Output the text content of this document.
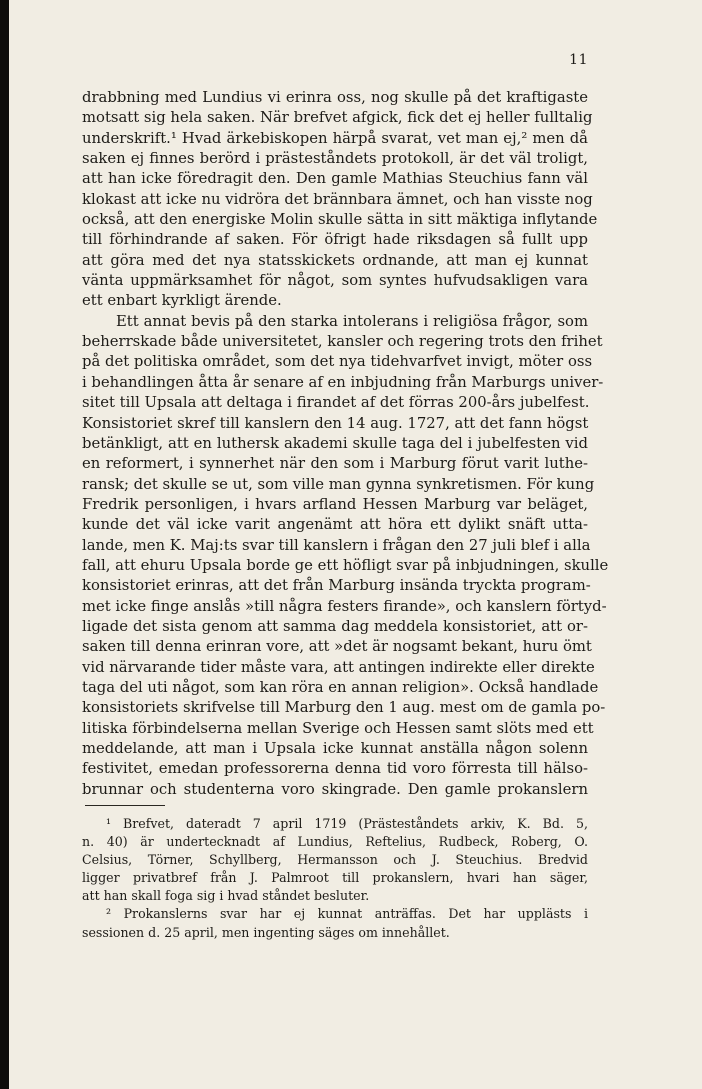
11
drabbning med Lundius vi erinra oss, nog skulle på det kraftigaste
motsatt sig hela saken. När brefvet afgick, fick det ej heller fulltalig
underskrift.¹ Hvad ärkebiskopen härpå svarat, vet man ej,² men då
saken ej finnes berörd i prästeståndets protokoll, är det väl troligt,
att han icke föredragit den. Den gamle Mathias Steuchius fann väl
klokast att icke nu vidröra det brännbara ämnet, och han visste nog
också, att den energiske Molin skulle sätta in sitt mäktiga inflytande
till förhindrande af saken. För öfrigt hade riksdagen så fullt upp
att göra med det nya statsskickets ordnande, att man ej kunnat
vänta uppmärksamhet för något, som syntes hufvudsakligen vara
ett enbart kyrkligt ärende.
Ett annat bevis på den starka intolerans i religiösa frågor, som
beherrskade både universitetet, kansler och regering trots den frihet
på det politiska området, som det nya tidehvarfvet invigt, möter oss
i behandlingen åtta år senare af en inbjudning från Marburgs univer-
sitet till Upsala att deltaga i firandet af det förras 200-års jubelfest.
Konsistoriet skref till kanslern den 14 aug. 1727, att det fann högst
betänkligt, att en luthersk akademi skulle taga del i jubelfesten vid
en reformert, i synnerhet när den som i Marburg förut varit luthe-
ransk; det skulle se ut, som ville man gynna synkretismen. För kung
Fredrik personligen, i hvars arfland Hessen Marburg var beläget,
kunde det väl icke varit angenämt att höra ett dylikt snäft utta-
lande, men K. Maj:ts svar till kanslern i frågan den 27 juli blef i alla
fall, att ehuru Upsala borde ge ett höfligt svar på inbjudningen, skulle
konsistoriet erinras, att det från Marburg insända tryckta program-
met icke finge anslås »till några festers firande», och kanslern förtyd-
ligade det sista genom att samma dag meddela konsistoriet, att or-
saken till denna erinran vore, att »det är nogsamt bekant, huru ömt
vid närvarande tider måste vara, att antingen indirekte eller direkte
taga del uti något, som kan röra en annan religion». Också handlade
konsistoriets skrifvelse till Marburg den 1 aug. mest om de gamla po-
litiska förbindelserna mellan Sverige och Hessen samt slöts med ett
meddelande, att man i Upsala icke kunnat anställa någon solenn
festivitet, emedan professorerna denna tid voro förresta till hälso-
brunnar och studenterna voro skingrade. Den gamle prokanslern
¹ Brefvet, dateradt 7 april 1719 (Prästeståndets arkiv, K. Bd. 5,
n. 40) är undertecknadt af Lundius, Reftelius, Rudbeck, Roberg, O.
Celsius, Törner, Schyllberg, Hermansson och J. Steuchius. Bredvid
ligger privatbref från J. Palmroot till prokanslern, hvari han säger,
att han skall foga sig i hvad ståndet besluter.
² Prokanslerns svar har ej kunnat anträffas. Det har upplästs i
sessionen d. 25 april, men ingenting säges om innehållet.
